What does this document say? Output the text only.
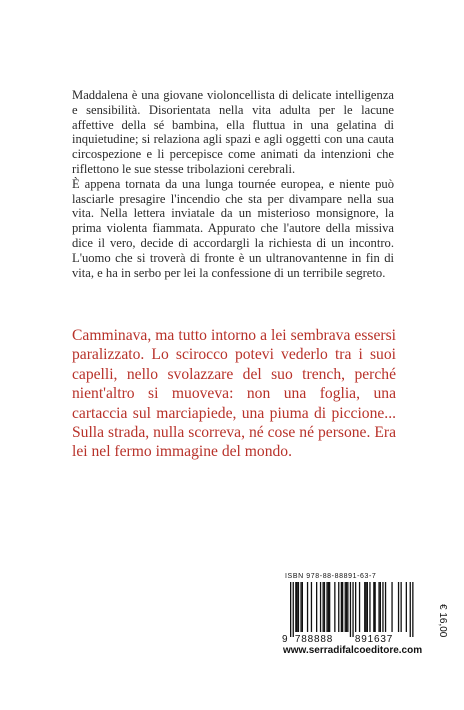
Maddalena è una giovane violoncellista di delicate intelligenza e sensibilità. Disorientata nella vita adulta per le lacune affettive della sé bambina, ella fluttua in una gelatina di inquietudine; si relaziona agli spazi e agli oggetti con una cauta circospezione e li percepisce come animati da intenzioni che riflettono le sue stesse tribolazioni cerebrali.

È appena tornata da una lunga tournée europea, e niente può lasciarle presagire l'incendio che sta per divampare nella sua vita. Nella lettera inviatale da un misterioso monsignore, la prima violenta fiammata. Appurato che l'autore della missiva dice il vero, decide di accordargli la richiesta di un incontro. L'uomo che si troverà di fronte è un ultranovantenne in fin di vita, e ha in serbo per lei la confessione di un terribile segreto.

Camminava, ma tutto intorno a lei sembrava essersi paralizzato. Lo scirocco potevi vederlo tra i suoi capelli, nello svolazzare del suo trench, perché nient'altro si muoveva: non una foglia, una cartaccia sul marciapiede, una piuma di piccione... Sulla strada, nulla scorreva, né cose né persone. Era lei nel fermo immagine del mondo.
ISBN 978-88-88891-63-7
9 788888 891637
€ 16,00
www.serradifalcoeditore.com
